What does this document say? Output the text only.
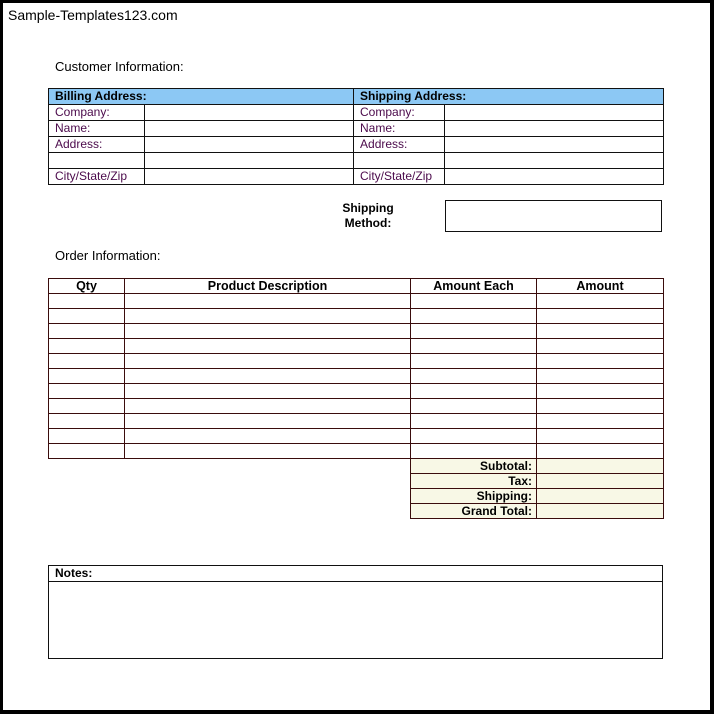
Sample-Templates123.com
Customer Information:
Billing Address:		Shipping Address:	
Company:		Company:	
Name:		Name:	
Address:		Address:	

City/State/Zip		City/State/Zip	
Shipping
Method:
Order Information:
Qty	Product Description	Amount Each	Amount

		Subtotal:	
		Tax:	
		Shipping:	
		Grand Total:	
Notes:
